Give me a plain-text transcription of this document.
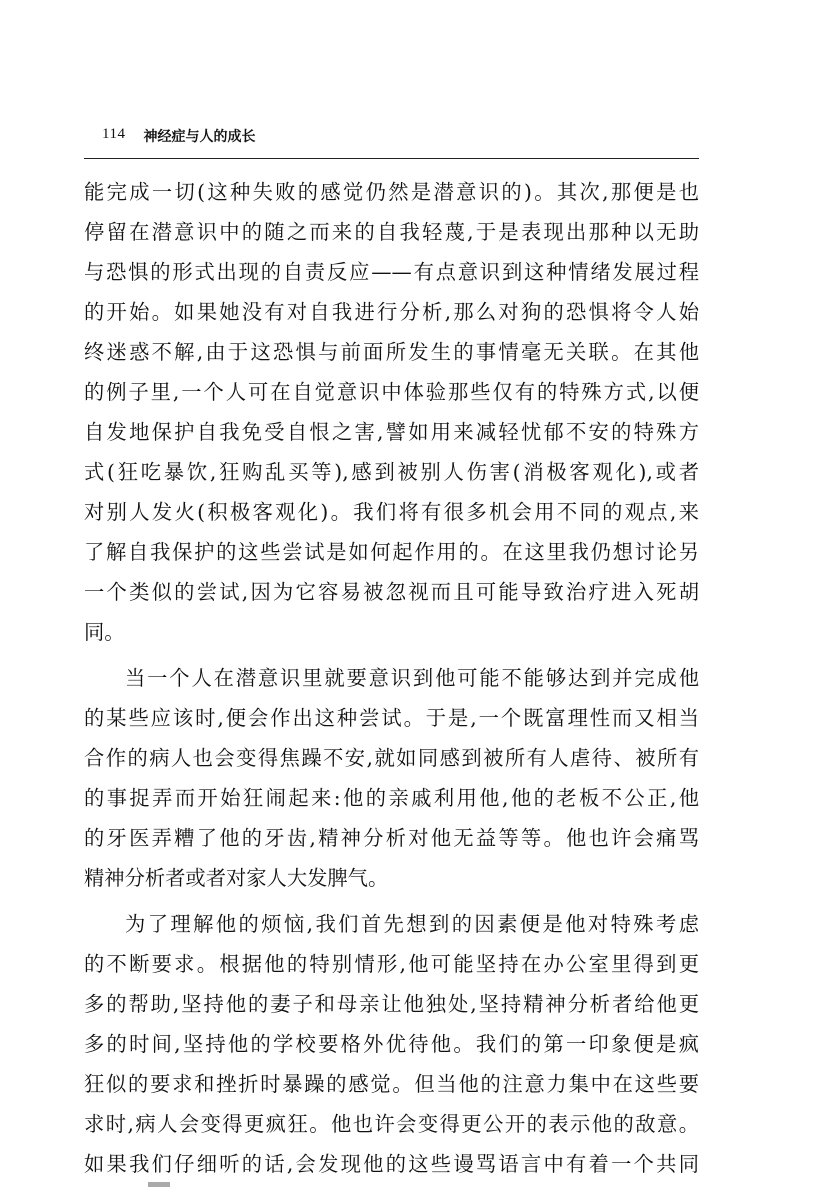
114 神经症与人的成长
能完成一切(这种失败的感觉仍然是潜意识的)。其次,那便是也
停留在潜意识中的随之而来的自我轻蔑,于是表现出那种以无助
与恐惧的形式出现的自责反应——有点意识到这种情绪发展过程
的开始。如果她没有对自我进行分析,那么对狗的恐惧将令人始
终迷惑不解,由于这恐惧与前面所发生的事情毫无关联。在其他
的例子里,一个人可在自觉意识中体验那些仅有的特殊方式,以便
自发地保护自我免受自恨之害,譬如用来减轻忧郁不安的特殊方
式(狂吃暴饮,狂购乱买等),感到被别人伤害(消极客观化),或者
对别人发火(积极客观化)。我们将有很多机会用不同的观点,来
了解自我保护的这些尝试是如何起作用的。在这里我仍想讨论另
一个类似的尝试,因为它容易被忽视而且可能导致治疗进入死胡
同。
当一个人在潜意识里就要意识到他可能不能够达到并完成他
的某些应该时,便会作出这种尝试。于是,一个既富理性而又相当
合作的病人也会变得焦躁不安,就如同感到被所有人虐待、被所有
的事捉弄而开始狂闹起来:他的亲戚利用他,他的老板不公正,他
的牙医弄糟了他的牙齿,精神分析对他无益等等。他也许会痛骂
精神分析者或者对家人大发脾气。
为了理解他的烦恼,我们首先想到的因素便是他对特殊考虑
的不断要求。根据他的特别情形,他可能坚持在办公室里得到更
多的帮助,坚持他的妻子和母亲让他独处,坚持精神分析者给他更
多的时间,坚持他的学校要格外优待他。我们的第一印象便是疯
狂似的要求和挫折时暴躁的感觉。但当他的注意力集中在这些要
求时,病人会变得更疯狂。他也许会变得更公开的表示他的敌意。
如果我们仔细听的话,会发现他的这些谩骂语言中有着一个共同
